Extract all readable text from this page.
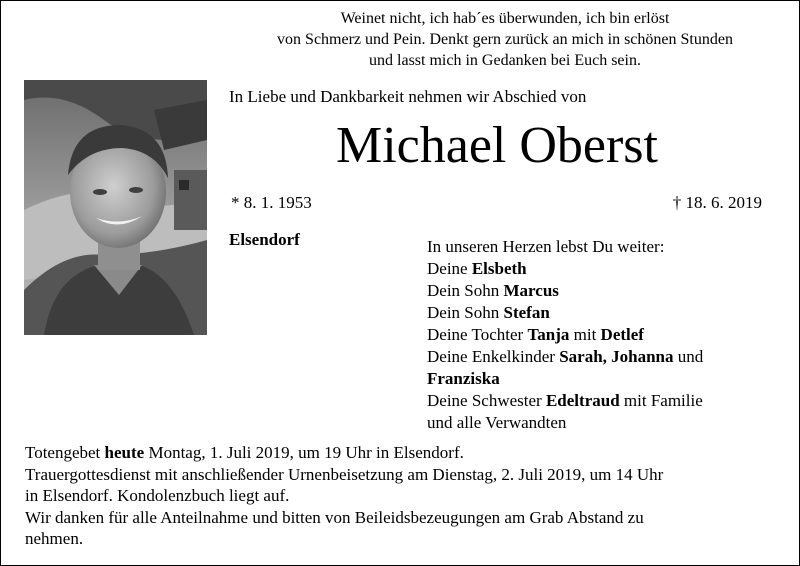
Weinet nicht, ich hab´es überwunden, ich bin erlöst
von Schmerz und Pein. Denkt gern zurück an mich in schönen Stunden
und lasst mich in Gedanken bei Euch sein.
In Liebe und Dankbarkeit nehmen wir Abschied von
Michael Oberst
* 8. 1. 1953	† 18. 6. 2019
Elsendorf	In unseren Herzen lebst Du weiter:
Deine Elsbeth
Dein Sohn Marcus
Dein Sohn Stefan
Deine Tochter Tanja mit Detlef
Deine Enkelkinder Sarah, Johanna und
Franziska
Deine Schwester Edeltraud mit Familie
und alle Verwandten
Totengebet heute Montag, 1. Juli 2019, um 19 Uhr in Elsendorf.
Trauergottesdienst mit anschließender Urnenbeisetzung am Dienstag, 2. Juli 2019, um 14 Uhr
in Elsendorf. Kondolenzbuch liegt auf.
Wir danken für alle Anteilnahme und bitten von Beileidsbezeugungen am Grab Abstand zu
nehmen.
